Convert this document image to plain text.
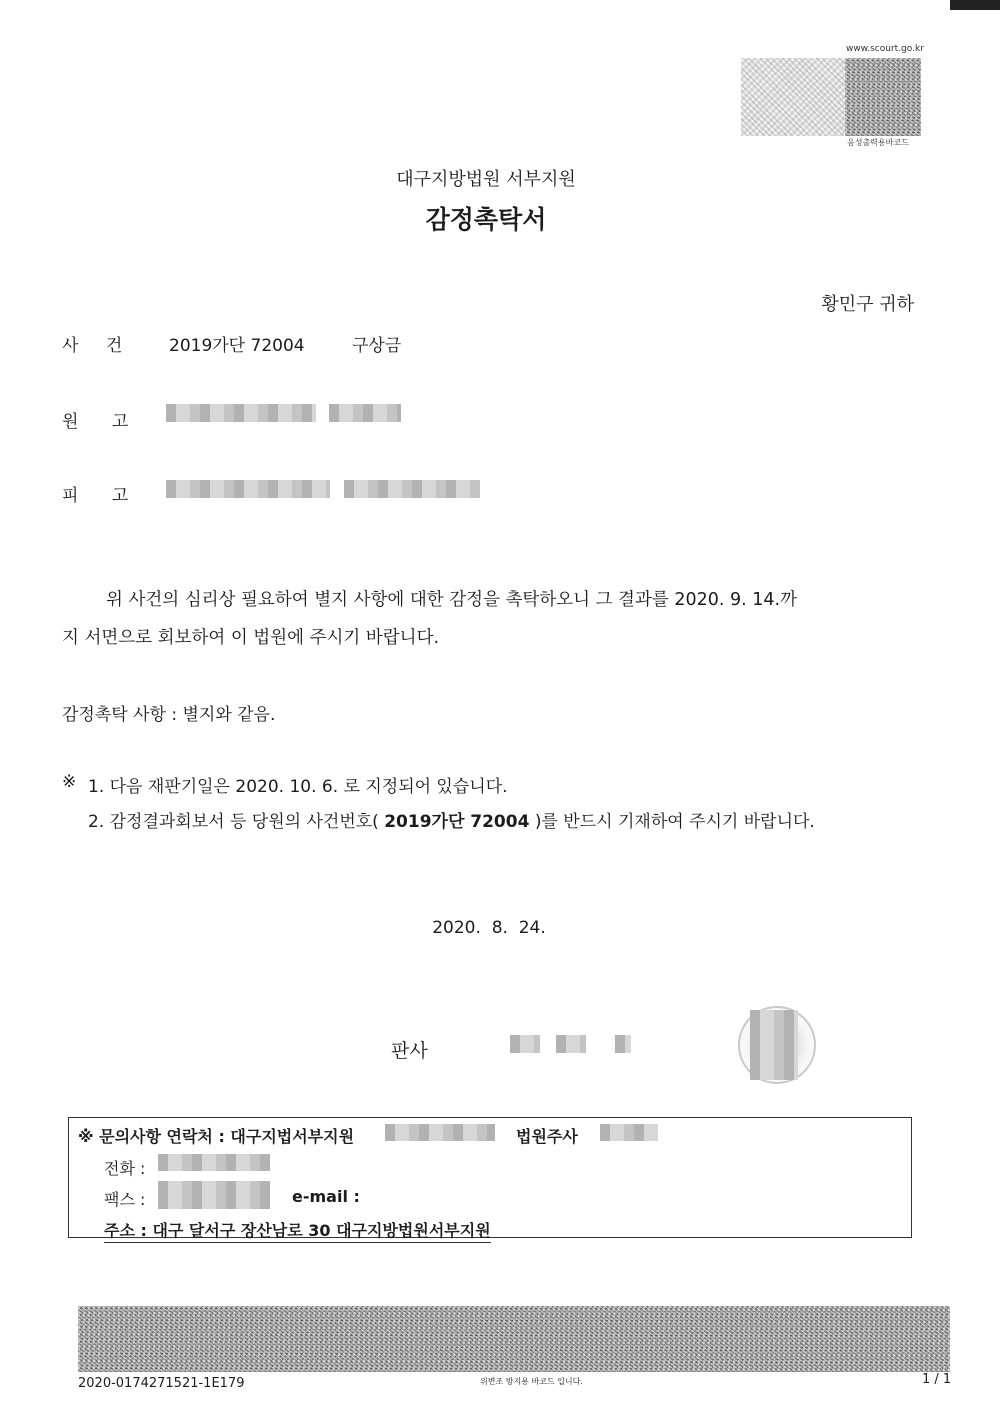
www.scourt.go.kr
음성출력용바코드
대구지방법원 서부지원
감정촉탁서
황민구 귀하
사 건	2019가단 72004	구상금
원 고
피 고
위 사건의 심리상 필요하여 별지 사항에 대한 감정을 촉탁하오니 그 결과를 2020. 9. 14.까
지 서면으로 회보하여 이 법원에 주시기 바랍니다.
감정촉탁 사항 : 별지와 같음.
※ 1. 다음 재판기일은 2020. 10. 6. 로 지정되어 있습니다.
2. 감정결과회보서 등 당원의 사건번호( 2019가단 72004 )를 반드시 기재하여 주시기 바랍니다.
2020.  8.  24.
판사
※ 문의사항 연락처 : 대구지법서부지원	법원주사
전화 :
팩스 :	e-mail :
주소 : 대구 달서구 장산남로 30 대구지방법원서부지원
2020-0174271521-1E179	위변조 방지용 바코드 입니다.	1 / 1
